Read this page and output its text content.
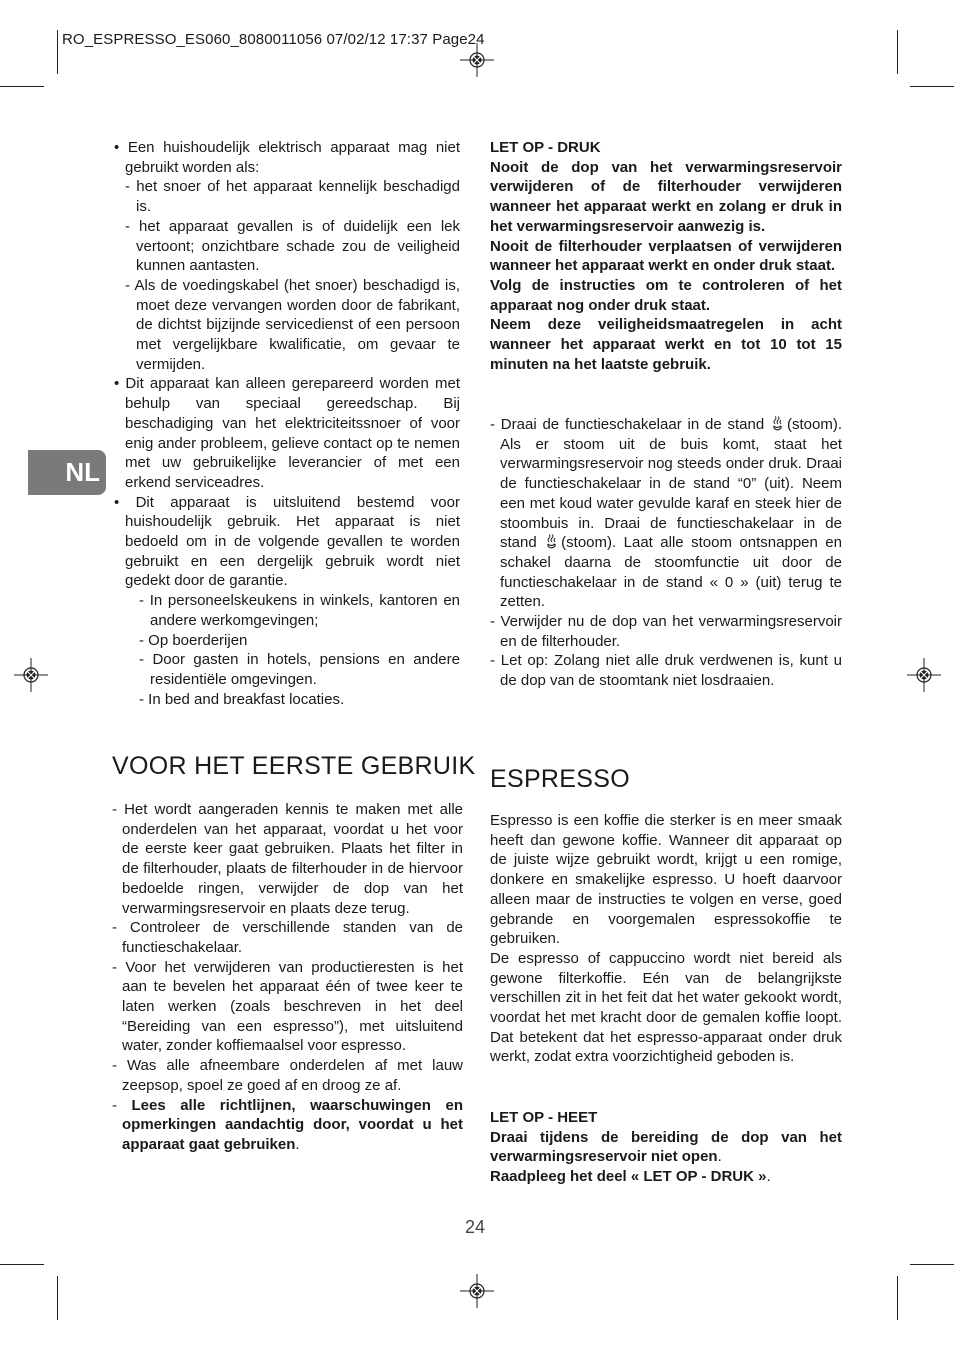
RO_ESPRESSO_ES060_8080011056 07/02/12 17:37 Page24
NL
• Een huishoudelijk elektrisch apparaat mag niet gebruikt worden als:
- het snoer of het apparaat kennelijk beschadigd is.
- het apparaat gevallen is of duidelijk een lek vertoont; onzichtbare schade zou de veiligheid kunnen aantasten.
- Als de voedingskabel (het snoer) beschadigd is, moet deze vervangen worden door de fabrikant, de dichtst bijzijnde servicedienst of een persoon met vergelijkbare kwalificatie, om gevaar te vermijden.
• Dit apparaat kan alleen gerepareerd worden met behulp van speciaal gereedschap. Bij beschadiging van het elektriciteitssnoer of voor enig ander probleem, gelieve contact op te nemen met uw gebruikelijke leverancier of met een erkend serviceadres.
• Dit apparaat is uitsluitend bestemd voor huishoudelijk gebruik. Het apparaat is niet bedoeld om in de volgende gevallen te worden gebruikt en een dergelijk gebruik wordt niet gedekt door de garantie.
- In personeelskeukens in winkels, kantoren en andere werkomgevingen;
- Op boerderijen
- Door gasten in hotels, pensions en andere residentiële omgevingen.
- In bed and breakfast locaties.
VOOR HET EERSTE GEBRUIK
- Het wordt aangeraden kennis te maken met alle onderdelen van het apparaat, voordat u het voor de eerste keer gaat gebruiken. Plaats het filter in de filterhouder, plaats de filterhouder in de hiervoor bedoelde ringen, verwijder de dop van het verwarmingsreservoir en plaats deze terug.
- Controleer de verschillende standen van de functieschakelaar.
- Voor het verwijderen van productieresten is het aan te bevelen het apparaat één of twee keer te laten werken (zoals beschreven in het deel “Bereiding van een espresso”), met uitsluitend water, zonder koffiemaalsel voor espresso.
- Was alle afneembare onderdelen af met lauw zeepsop, spoel ze goed af en droog ze af.
- Lees alle richtlijnen, waarschuwingen en opmerkingen aandachtig door, voordat u het apparaat gaat gebruiken.
LET OP - DRUK
Nooit de dop van het verwarmingsreservoir verwijderen of de filterhouder verwijderen wanneer het apparaat werkt en zolang er druk in het verwarmingsreservoir aanwezig is.
Nooit de filterhouder verplaatsen of verwijderen wanneer het apparaat werkt en onder druk staat.
Volg de instructies om te controleren of het apparaat nog onder druk staat.
Neem deze veiligheidsmaatregelen in acht wanneer het apparaat werkt en tot 10 tot 15 minuten na het laatste gebruik.
- Draai de functieschakelaar in de stand (stoom). Als er stoom uit de buis komt, staat het verwarmingsreservoir nog steeds onder druk. Draai de functieschakelaar in de stand “0” (uit). Neem een met koud water gevulde karaf en steek hier de stoombuis in. Draai de functieschakelaar in de stand (stoom). Laat alle stoom ontsnappen en schakel daarna de stoomfunctie uit door de functieschakelaar in de stand « 0 » (uit) terug te zetten.
- Verwijder nu de dop van het verwarmingsreservoir en de filterhouder.
- Let op: Zolang niet alle druk verdwenen is, kunt u de dop van de stoomtank niet losdraaien.
ESPRESSO
Espresso is een koffie die sterker is en meer smaak heeft dan gewone koffie. Wanneer dit apparaat op de juiste wijze gebruikt wordt, krijgt u een romige, donkere en smakelijke espresso. U hoeft daarvoor alleen maar de instructies te volgen en verse, goed gebrande en voorgemalen espressokoffie te gebruiken.
De espresso of cappuccino wordt niet bereid als gewone filterkoffie. Eén van de belangrijkste verschillen zit in het feit dat het water gekookt wordt, voordat het met kracht door de gemalen koffie loopt. Dat betekent dat het espresso-apparaat onder druk werkt, zodat extra voorzichtigheid geboden is.
LET OP - HEET
Draai tijdens de bereiding de dop van het verwarmingsreservoir niet open.
Raadpleeg het deel « LET OP - DRUK ».
24
